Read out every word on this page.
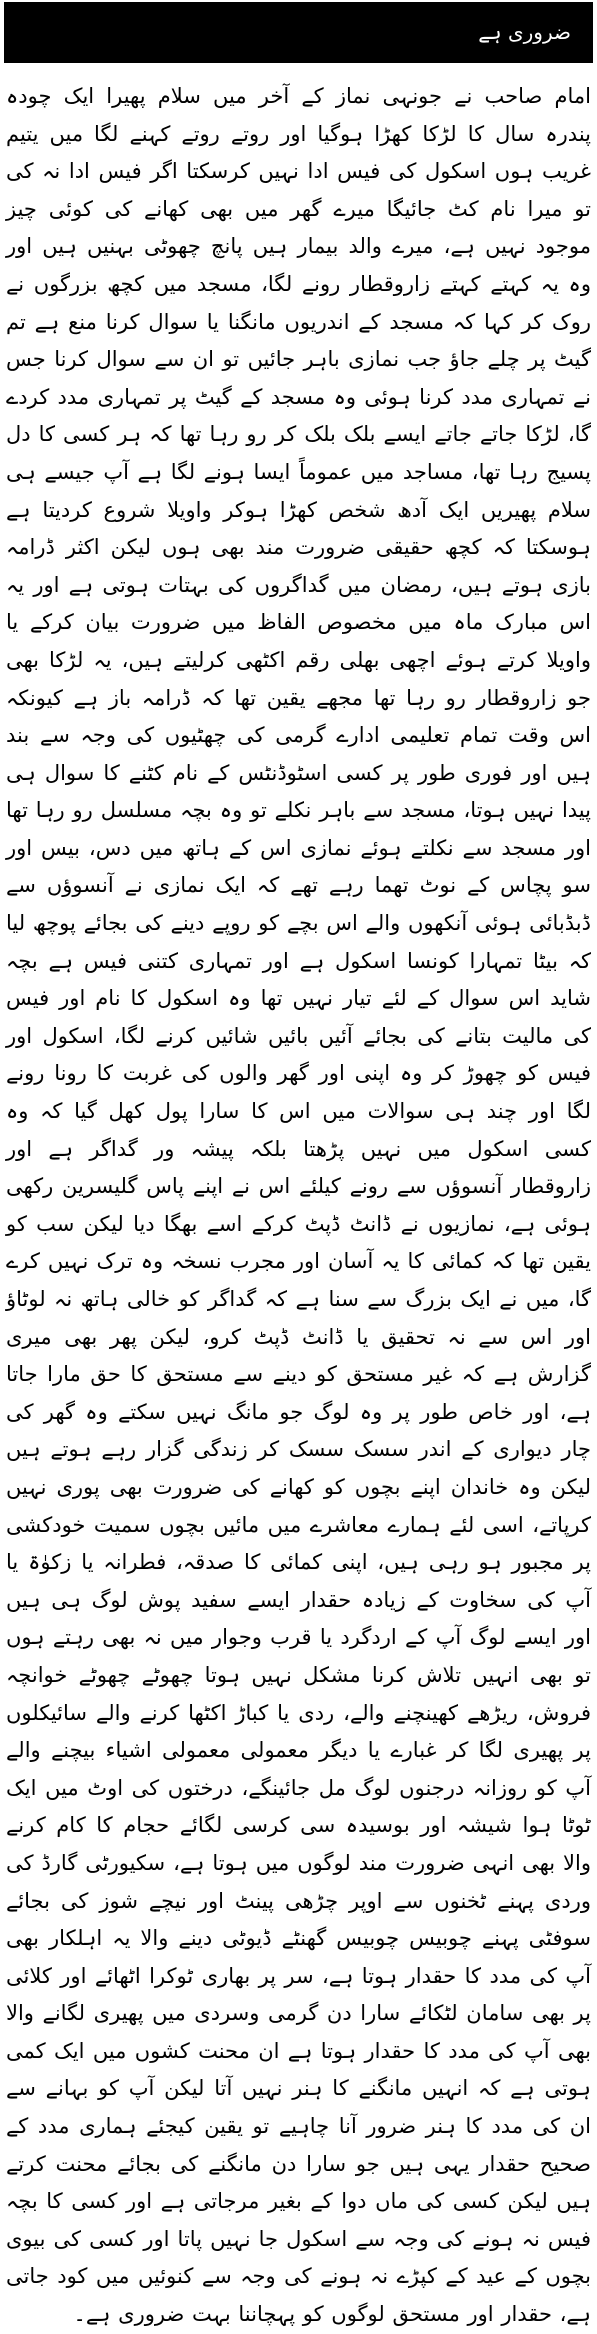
ضروری ہے

امام صاحب نے جونہی نماز کے آخر میں سلام پھیرا ایک چودہ پندرہ سال کا لڑکا کھڑا ہوگیا اور روتے روتے کہنے لگا میں یتیم غریب ہوں اسکول کی فیس ادا نہیں کرسکتا اگر فیس ادا نہ کی تو میرا نام کٹ جائیگا میرے گھر میں بھی کھانے کی کوئی چیز موجود نہیں ہے، میرے والد بیمار ہیں پانچ چھوٹی بہنیں ہیں اور وہ یہ کہتے کہتے زاروقطار رونے لگا، مسجد میں کچھ بزرگوں نے روک کر کہا کہ مسجد کے اندریوں مانگنا یا سوال کرنا منع ہے تم گیٹ پر چلے جاؤ جب نمازی باہر جائیں تو ان سے سوال کرنا جس نے تمہاری مدد کرنا ہوئی وہ مسجد کے گیٹ پر تمہاری مدد کردے گا، لڑکا جاتے جاتے ایسے بلک بلک کر رو رہا تھا کہ ہر کسی کا دل پسیج رہا تھا، مساجد میں عموماً ایسا ہونے لگا ہے آپ جیسے ہی سلام پھیریں ایک آدھ شخص کھڑا ہوکر واویلا شروع کردیتا ہے ہوسکتا کہ کچھ حقیقی ضرورت مند بھی ہوں لیکن اکثر ڈرامہ بازی ہوتے ہیں، رمضان میں گداگروں کی بہتات ہوتی ہے اور یہ اس مبارک ماہ میں مخصوص الفاظ میں ضرورت بیان کرکے یا واویلا کرتے ہوئے اچھی بھلی رقم اکٹھی کرلیتے ہیں، یہ لڑکا بھی جو زاروقطار رو رہا تھا مجھے یقین تھا کہ ڈرامہ باز ہے کیونکہ اس وقت تمام تعلیمی ادارے گرمی کی چھٹیوں کی وجہ سے بند ہیں اور فوری طور پر کسی اسٹوڈنٹس کے نام کٹنے کا سوال ہی پیدا نہیں ہوتا، مسجد سے باہر نکلے تو وہ بچہ مسلسل رو رہا تھا اور مسجد سے نکلتے ہوئے نمازی اس کے ہاتھ میں دس، بیس اور سو پچاس کے نوٹ تھما رہے تھے کہ ایک نمازی نے آنسوؤں سے ڈبڈبائی ہوئی آنکھوں والے اس بچے کو روپے دینے کی بجائے پوچھ لیا کہ بیٹا تمہارا کونسا اسکول ہے اور تمہاری کتنی فیس ہے بچہ شاید اس سوال کے لئے تیار نہیں تھا وہ اسکول کا نام اور فیس کی مالیت بتانے کی بجائے آئیں بائیں شائیں کرنے لگا، اسکول اور فیس کو چھوڑ کر وہ اپنی اور گھر والوں کی غربت کا رونا رونے لگا اور چند ہی سوالات میں اس کا سارا پول کھل گیا کہ وہ کسی اسکول میں نہیں پڑھتا بلکہ پیشہ ور گداگر ہے اور زاروقطار آنسوؤں سے رونے کیلئے اس نے اپنے پاس گلیسرین رکھی ہوئی ہے، نمازیوں نے ڈانٹ ڈپٹ کرکے اسے بھگا دیا لیکن سب کو یقین تھا کہ کمائی کا یہ آسان اور مجرب نسخہ وہ ترک نہیں کرے گا، میں نے ایک بزرگ سے سنا ہے کہ گداگر کو خالی ہاتھ نہ لوٹاؤ اور اس سے نہ تحقیق یا ڈانٹ ڈپٹ کرو، لیکن پھر بھی میری گزارش ہے کہ غیر مستحق کو دینے سے مستحق کا حق مارا جاتا ہے، اور خاص طور پر وہ لوگ جو مانگ نہیں سکتے وہ گھر کی چار دیواری کے اندر سسک سسک کر زندگی گزار رہے ہوتے ہیں لیکن وہ خاندان اپنے بچوں کو کھانے کی ضرورت بھی پوری نہیں کرپاتے، اسی لئے ہمارے معاشرے میں مائیں بچوں سمیت خودکشی پر مجبور ہو رہی ہیں، اپنی کمائی کا صدقہ، فطرانہ یا زکوٰۃ یا آپ کی سخاوت کے زیادہ حقدار ایسے سفید پوش لوگ ہی ہیں اور ایسے لوگ آپ کے اردگرد یا قرب وجوار میں نہ بھی رہتے ہوں تو بھی انہیں تلاش کرنا مشکل نہیں ہوتا چھوٹے چھوٹے خوانچہ فروش، ریڑھے کھینچنے والے، ردی یا کباڑ اکٹھا کرنے والے سائیکلوں پر پھیری لگا کر غبارے یا دیگر معمولی معمولی اشیاء بیچنے والے آپ کو روزانہ درجنوں لوگ مل جائینگے، درختوں کی اوٹ میں ایک ٹوٹا ہوا شیشہ اور بوسیدہ سی کرسی لگائے حجام کا کام کرنے والا بھی انہی ضرورت مند لوگوں میں ہوتا ہے، سکیورٹی گارڈ کی وردی پہنے ٹخنوں سے اوپر چڑھی پینٹ اور نیچے شوز کی بجائے سوفٹی پہنے چوبیس چوبیس گھنٹے ڈیوٹی دینے والا یہ اہلکار بھی آپ کی مدد کا حقدار ہوتا ہے، سر پر بھاری ٹوکرا اٹھائے اور کلائی پر بھی سامان لٹکائے سارا دن گرمی وسردی میں پھیری لگانے والا بھی آپ کی مدد کا حقدار ہوتا ہے ان محنت کشوں میں ایک کمی ہوتی ہے کہ انہیں مانگنے کا ہنر نہیں آتا لیکن آپ کو بہانے سے ان کی مدد کا ہنر ضرور آنا چاہیے تو یقین کیجئے ہماری مدد کے صحیح حقدار یہی ہیں جو سارا دن مانگنے کی بجائے محنت کرتے ہیں لیکن کسی کی ماں دوا کے بغیر مرجاتی ہے اور کسی کا بچہ فیس نہ ہونے کی وجہ سے اسکول جا نہیں پاتا اور کسی کی بیوی بچوں کے عید کے کپڑے نہ ہونے کی وجہ سے کنوئیں میں کود جاتی ہے، حقدار اور مستحق لوگوں کو پہچاننا بہت ضروری ہے۔
